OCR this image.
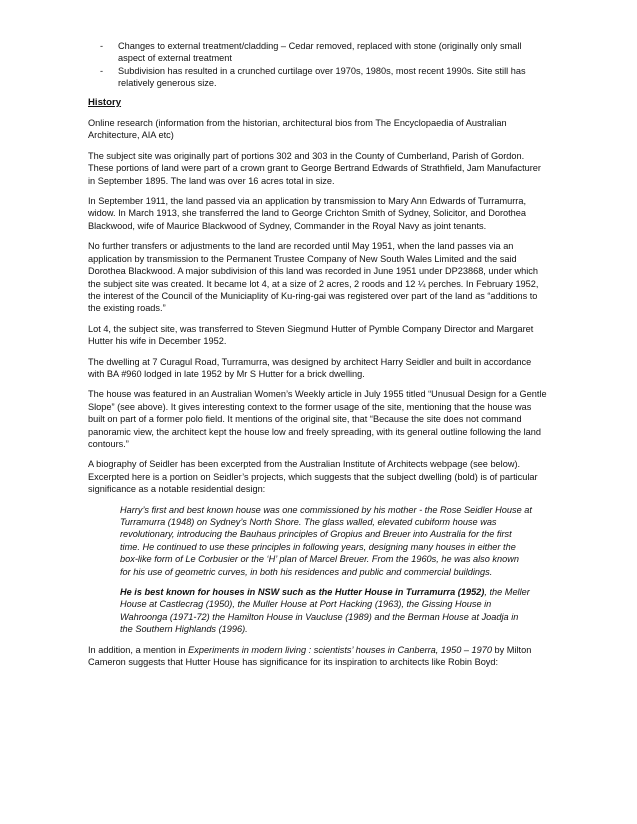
- Changes to external treatment/cladding – Cedar removed, replaced with stone (originally only small aspect of external treatment
- Subdivision has resulted in a crunched curtilage over 1970s, 1980s, most recent 1990s. Site still has relatively generous size.
History

Online research (information from the historian, architectural bios from The Encyclopaedia of Australian Architecture, AIA etc)

The subject site was originally part of portions 302 and 303 in the County of Cumberland, Parish of Gordon. These portions of land were part of a crown grant to George Bertrand Edwards of Strathfield, Jam Manufacturer in September 1895. The land was over 16 acres total in size.

In September 1911, the land passed via an application by transmission to Mary Ann Edwards of Turramurra, widow. In March 1913, she transferred the land to George Crichton Smith of Sydney, Solicitor, and Dorothea Blackwood, wife of Maurice Blackwood of Sydney, Commander in the Royal Navy as joint tenants.

No further transfers or adjustments to the land are recorded until May 1951, when the land passes via an application by transmission to the Permanent Trustee Company of New South Wales Limited and the said Dorothea Blackwood. A major subdivision of this land was recorded in June 1951 under DP23868, under which the subject site was created. It became lot 4, at a size of 2 acres, 2 roods and 12 ¼ perches. In February 1952, the interest of the Council of the Municiaplity of Ku-ring-gai was registered over part of the land as “additions to the existing roads.”

Lot 4, the subject site, was transferred to Steven Siegmund Hutter of Pymble Company Director and Margaret Hutter his wife in December 1952.

The dwelling at 7 Curagul Road, Turramurra, was designed by architect Harry Seidler and built in accordance with BA #960 lodged in late 1952 by Mr S Hutter for a brick dwelling.

The house was featured in an Australian Women’s Weekly article in July 1955 titled “Unusual Design for a Gentle Slope” (see above). It gives interesting context to the former usage of the site, mentioning that the house was built on part of a former polo field. It mentions of the original site, that “Because the site does not command panoramic view, the architect kept the house low and freely spreading, with its general outline following the land contours.”

A biography of Seidler has been excerpted from the Australian Institute of Architects webpage (see below). Excerpted here is a portion on Seidler’s projects, which suggests that the subject dwelling (bold) is of particular significance as a notable residential design:

Harry’s first and best known house was one commissioned by his mother - the Rose Seidler House at Turramurra (1948) on Sydney’s North Shore. The glass walled, elevated cubiform house was revolutionary, introducing the Bauhaus principles of Gropius and Breuer into Australia for the first time. He continued to use these principles in following years, designing many houses in either the box-like form of Le Corbusier or the ‘H’ plan of Marcel Breuer. From the 1960s, he was also known for his use of geometric curves, in both his residences and public and commercial buildings.

He is best known for houses in NSW such as the Hutter House in Turramurra (1952), the Meller House at Castlecrag (1950), the Muller House at Port Hacking (1963), the Gissing House in Wahroonga (1971-72) the Hamilton House in Vaucluse (1989) and the Berman House at Joadja in the Southern Highlands (1996).

In addition, a mention in Experiments in modern living : scientists’ houses in Canberra, 1950 – 1970 by Milton Cameron suggests that Hutter House has significance for its inspiration to architects like Robin Boyd:
